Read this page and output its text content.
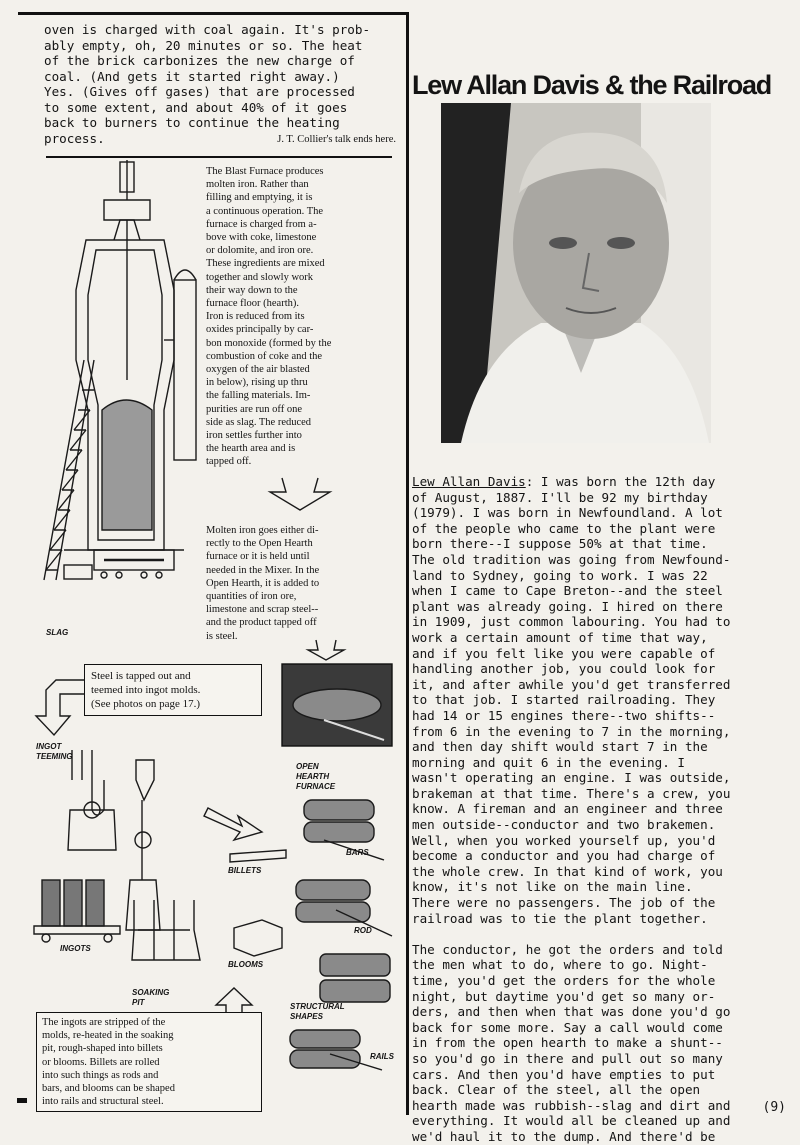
oven is charged with coal again. It's prob-
ably empty, oh, 20 minutes or so. The heat
of the brick carbonizes the new charge of
coal. (And gets it started right away.)
Yes. (Gives off gases) that are processed
to some extent, and about 40% of it goes
back to burners to continue the heating
process.	J. T. Collier's talk ends here.
The Blast Furnace produces
molten iron. Rather than
filling and emptying, it is
a continuous operation. The
furnace is charged from a-
bove with coke, limestone
or dolomite, and iron ore.
These ingredients are mixed
together and slowly work
their way down to the
furnace floor (hearth).
Iron is reduced from its
oxides principally by car-
bon monoxide (formed by the
combustion of coke and the
oxygen of the air blasted
in below), rising up thru
the falling materials. Im-
purities are run off one
side as slag. The reduced
iron settles further into
the hearth area and is
tapped off.
Molten iron goes either di-
rectly to the Open Hearth
furnace or it is held until
needed in the Mixer. In the
Open Hearth, it is added to
quantities of iron ore,
limestone and scrap steel--
and the product tapped off
is steel.
SLAG
INGOT
TEEMING
OPEN
HEARTH
FURNACE
BARS
BILLETS
ROD
INGOTS
BLOOMS
SOAKING
PIT	STRUCTURAL
SHAPES
RAILS
Steel is tapped out and
teemed into ingot molds.
(See photos on page 17.)
The ingots are stripped of the
molds, re-heated in the soaking
pit, rough-shaped into billets
or blooms. Billets are rolled
into such things as rods and
bars, and blooms can be shaped
into rails and structural steel.
Lew Allan Davis & the Railroad
Lew Allan Davis: I was born the 12th day
of August, 1887. I'll be 92 my birthday
(1979). I was born in Newfoundland. A lot
of the people who came to the plant were
born there--I suppose 50% at that time.
The old tradition was going from Newfound-
land to Sydney, going to work. I was 22
when I came to Cape Breton--and the steel
plant was already going. I hired on there
in 1909, just common labouring. You had to
work a certain amount of time that way,
and if you felt like you were capable of
handling another job, you could look for
it, and after awhile you'd get transferred
to that job. I started railroading. They
had 14 or 15 engines there--two shifts--
from 6 in the evening to 7 in the morning,
and then day shift would start 7 in the
morning and quit 6 in the evening. I
wasn't operating an engine. I was outside,
brakeman at that time. There's a crew, you
know. A fireman and an engineer and three
men outside--conductor and two brakemen.
Well, when you worked yourself up, you'd
become a conductor and you had charge of
the whole crew. In that kind of work, you
know, it's not like on the main line.
There were no passengers. The job of the
railroad was to tie the plant together.

The conductor, he got the orders and told
the men what to do, where to go. Night-
time, you'd get the orders for the whole
night, but daytime you'd get so many or-
ders, and then when that was done you'd go
back for some more. Say a call would come
in from the open hearth to make a shunt--
so you'd go in there and pull out so many
cars. And then you'd have empties to put
back. Clear of the steel, all the open
hearth made was rubbish--slag and dirt and
everything. It would all be cleaned up and
we'd haul it to the dump. And there'd be
(9)
